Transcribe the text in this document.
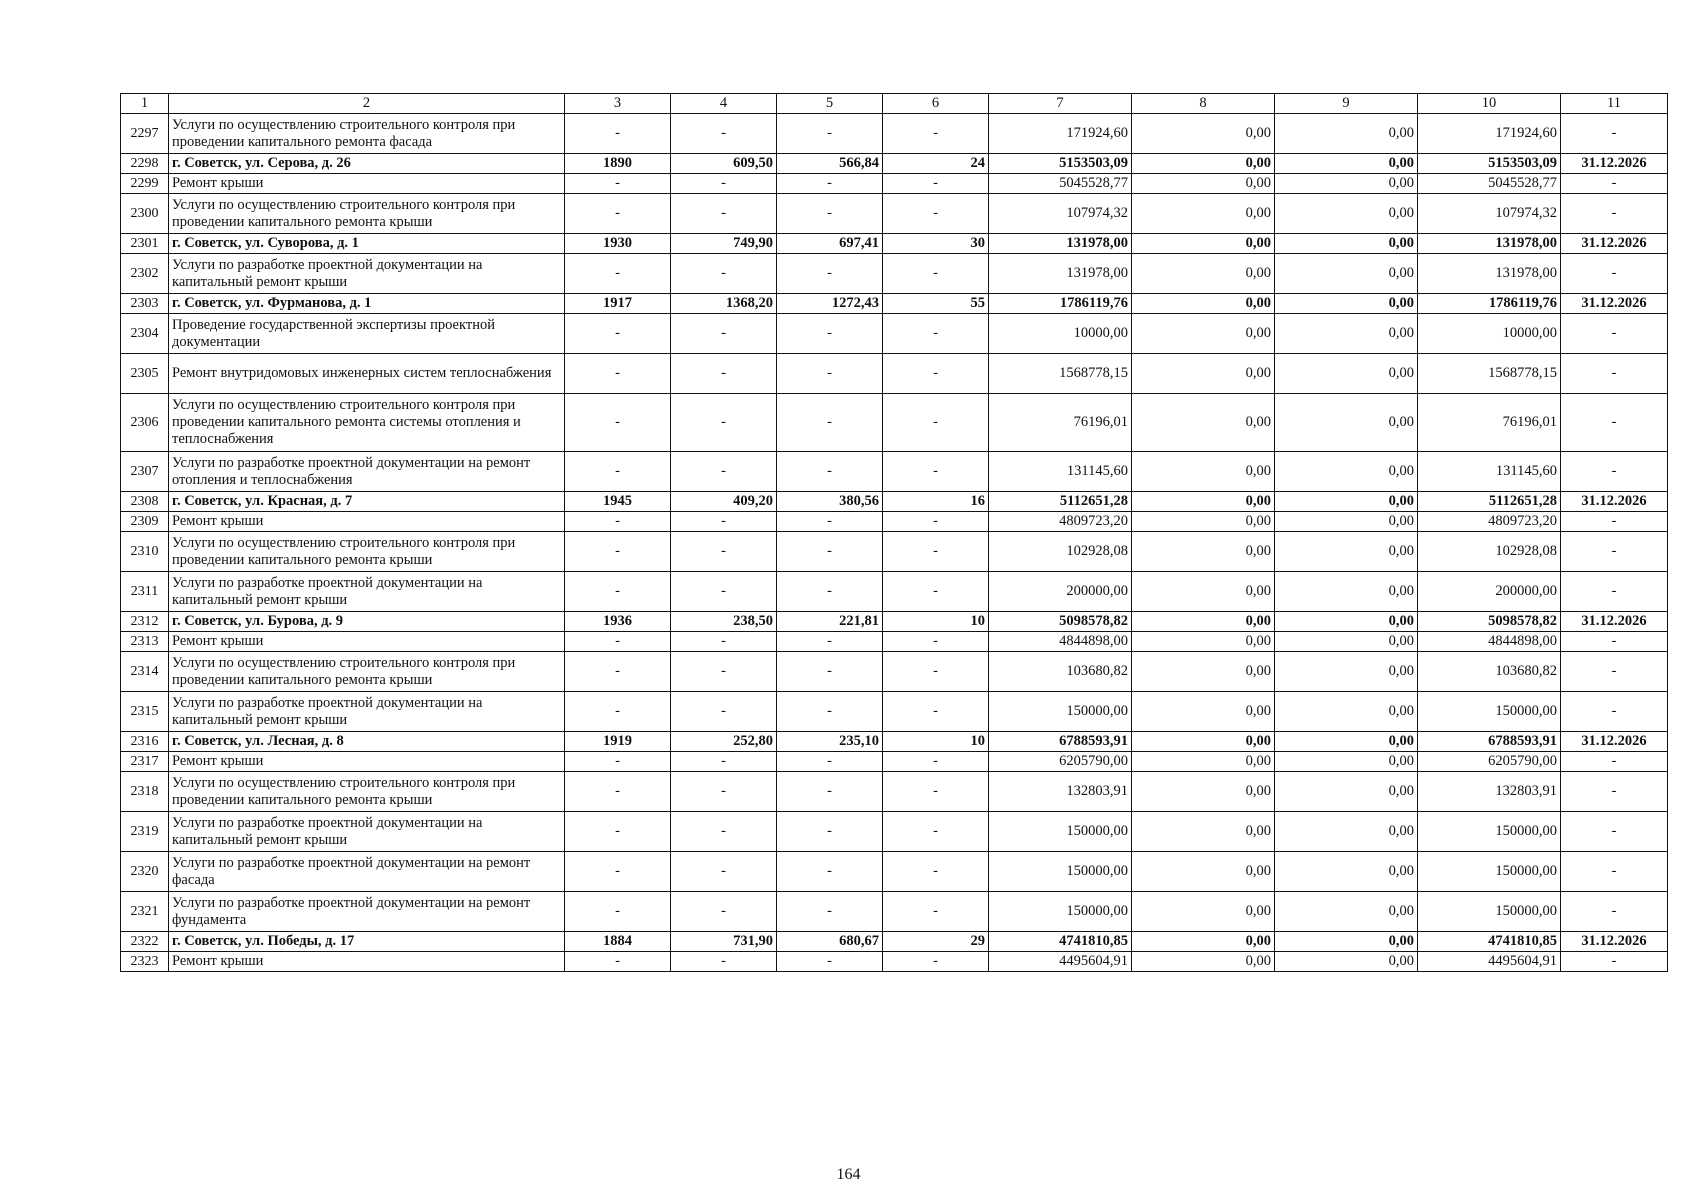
1	2	3	4	5	6	7	8	9	10	11
2297	Услуги по осуществлению строительного контроля при проведении капитального ремонта фасада	-	-	-	-	171924,60	0,00	0,00	171924,60	-
2298	г. Советск, ул. Серова, д. 26	1890	609,50	566,84	24	5153503,09	0,00	0,00	5153503,09	31.12.2026
2299	Ремонт крыши	-	-	-	-	5045528,77	0,00	0,00	5045528,77	-
2300	Услуги по осуществлению строительного контроля при проведении капитального ремонта крыши	-	-	-	-	107974,32	0,00	0,00	107974,32	-
2301	г. Советск, ул. Суворова, д. 1	1930	749,90	697,41	30	131978,00	0,00	0,00	131978,00	31.12.2026
2302	Услуги по разработке проектной документации на капитальный ремонт крыши	-	-	-	-	131978,00	0,00	0,00	131978,00	-
2303	г. Советск, ул. Фурманова, д. 1	1917	1368,20	1272,43	55	1786119,76	0,00	0,00	1786119,76	31.12.2026
2304	Проведение государственной экспертизы проектной документации	-	-	-	-	10000,00	0,00	0,00	10000,00	-
2305	Ремонт внутридомовых инженерных систем теплоснабжения	-	-	-	-	1568778,15	0,00	0,00	1568778,15	-
2306	Услуги по осуществлению строительного контроля при проведении капитального ремонта системы отопления и теплоснабжения	-	-	-	-	76196,01	0,00	0,00	76196,01	-
2307	Услуги по разработке проектной документации на ремонт отопления и теплоснабжения	-	-	-	-	131145,60	0,00	0,00	131145,60	-
2308	г. Советск, ул. Красная, д. 7	1945	409,20	380,56	16	5112651,28	0,00	0,00	5112651,28	31.12.2026
2309	Ремонт крыши	-	-	-	-	4809723,20	0,00	0,00	4809723,20	-
2310	Услуги по осуществлению строительного контроля при проведении капитального ремонта крыши	-	-	-	-	102928,08	0,00	0,00	102928,08	-
2311	Услуги по разработке проектной документации на капитальный ремонт крыши	-	-	-	-	200000,00	0,00	0,00	200000,00	-
2312	г. Советск, ул. Бурова, д. 9	1936	238,50	221,81	10	5098578,82	0,00	0,00	5098578,82	31.12.2026
2313	Ремонт крыши	-	-	-	-	4844898,00	0,00	0,00	4844898,00	-
2314	Услуги по осуществлению строительного контроля при проведении капитального ремонта крыши	-	-	-	-	103680,82	0,00	0,00	103680,82	-
2315	Услуги по разработке проектной документации на капитальный ремонт крыши	-	-	-	-	150000,00	0,00	0,00	150000,00	-
2316	г. Советск, ул. Лесная, д. 8	1919	252,80	235,10	10	6788593,91	0,00	0,00	6788593,91	31.12.2026
2317	Ремонт крыши	-	-	-	-	6205790,00	0,00	0,00	6205790,00	-
2318	Услуги по осуществлению строительного контроля при проведении капитального ремонта крыши	-	-	-	-	132803,91	0,00	0,00	132803,91	-
2319	Услуги по разработке проектной документации на капитальный ремонт крыши	-	-	-	-	150000,00	0,00	0,00	150000,00	-
2320	Услуги по разработке проектной документации на ремонт фасада	-	-	-	-	150000,00	0,00	0,00	150000,00	-
2321	Услуги по разработке проектной документации на ремонт фундамента	-	-	-	-	150000,00	0,00	0,00	150000,00	-
2322	г. Советск, ул. Победы, д. 17	1884	731,90	680,67	29	4741810,85	0,00	0,00	4741810,85	31.12.2026
2323	Ремонт крыши	-	-	-	-	4495604,91	0,00	0,00	4495604,91	-
164
